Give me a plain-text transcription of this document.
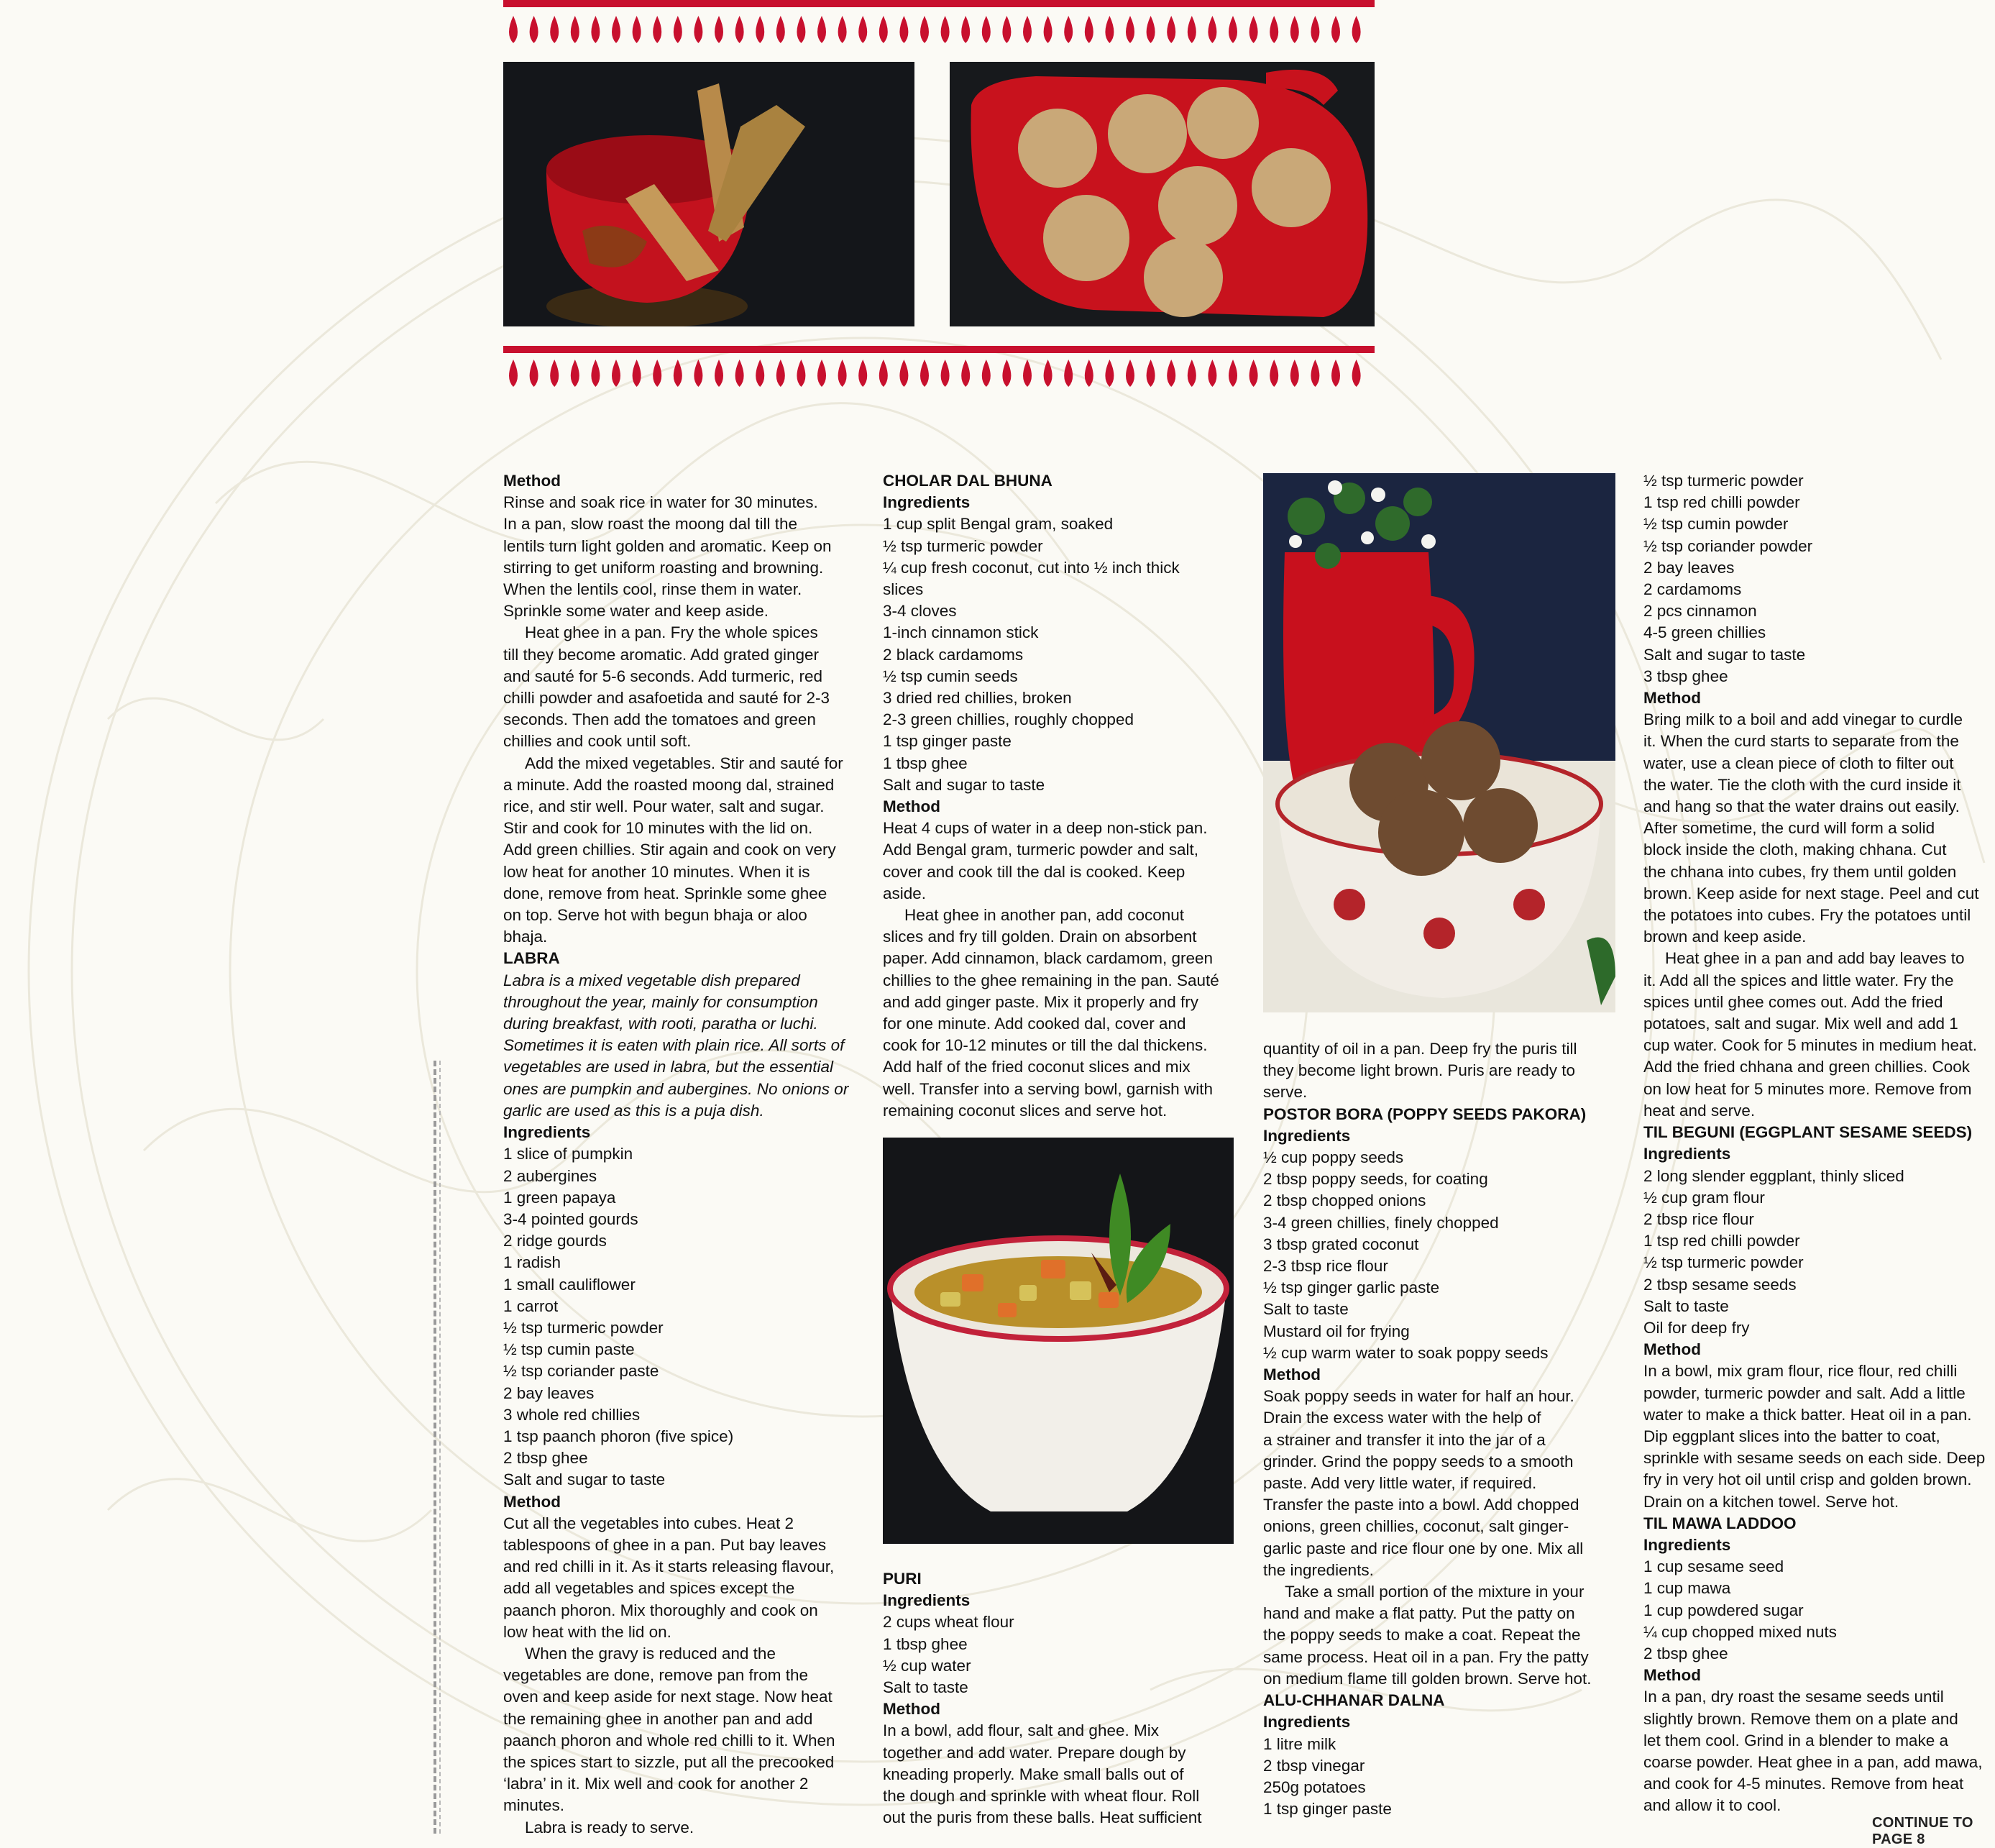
Method

Rinse and soak rice in water for 30 minutes.

In a pan, slow roast the moong dal till the

lentils turn light golden and aromatic. Keep on

stirring to get uniform roasting and browning.

When the lentils cool, rinse them in water.

Sprinkle some water and keep aside.

Heat ghee in a pan. Fry the whole spices

till they become aromatic. Add grated ginger

and sauté for 5-6 seconds. Add turmeric, red

chilli powder and asafoetida and sauté for 2-3

seconds. Then add the tomatoes and green

chillies and cook until soft.

Add the mixed vegetables. Stir and sauté for

a minute. Add the roasted moong dal, strained

rice, and stir well. Pour water, salt and sugar.

Stir and cook for 10 minutes with the lid on.

Add green chillies. Stir again and cook on very

low heat for another 10 minutes. When it is

done, remove from heat. Sprinkle some ghee

on top. Serve hot with begun bhaja or aloo

bhaja.

LABRA

Labra is a mixed vegetable dish prepared

throughout the year, mainly for consumption

during breakfast, with rooti, paratha or luchi.

Sometimes it is eaten with plain rice. All sorts of

vegetables are used in labra, but the essential

ones are pumpkin and aubergines. No onions or

garlic are used as this is a puja dish.

Ingredients

1 slice of pumpkin

2 aubergines

1 green papaya

3-4 pointed gourds

2 ridge gourds

1 radish

1 small cauliflower

1 carrot

½ tsp turmeric powder

½ tsp cumin paste

½ tsp coriander paste

2 bay leaves

3 whole red chillies

1 tsp paanch phoron (five spice)

2 tbsp ghee

Salt and sugar to taste

Method

Cut all the vegetables into cubes. Heat 2

tablespoons of ghee in a pan. Put bay leaves

and red chilli in it. As it starts releasing flavour,

add all vegetables and spices except the

paanch phoron. Mix thoroughly and cook on

low heat with the lid on.

When the gravy is reduced and the

vegetables are done, remove pan from the

oven and keep aside for next stage. Now heat

the remaining ghee in another pan and add

paanch phoron and whole red chilli to it. When

the spices start to sizzle, put all the precooked

‘labra’ in it. Mix well and cook for another 2

minutes.

Labra is ready to serve.

CHOLAR DAL BHUNA

Ingredients

1 cup split Bengal gram, soaked

½ tsp turmeric powder

¼ cup fresh coconut, cut into ½ inch thick

slices

3-4 cloves

1-inch cinnamon stick

2 black cardamoms

½ tsp cumin seeds

3 dried red chillies, broken

2-3 green chillies, roughly chopped

1 tsp ginger paste

1 tbsp ghee

Salt and sugar to taste

Method

Heat 4 cups of water in a deep non-stick pan.

Add Bengal gram, turmeric powder and salt,

cover and cook till the dal is cooked. Keep

aside.

Heat ghee in another pan, add coconut

slices and fry till golden. Drain on absorbent

paper. Add cinnamon, black cardamom, green

chillies to the ghee remaining in the pan. Sauté

and add ginger paste. Mix it properly and fry

for one minute. Add cooked dal, cover and

cook for 10-12 minutes or till the dal thickens.

Add half of the fried coconut slices and mix

well. Transfer into a serving bowl, garnish with

remaining coconut slices and serve hot.

PURI

Ingredients

2 cups wheat flour

1 tbsp ghee

½ cup water

Salt to taste

Method

In a bowl, add flour, salt and ghee. Mix

together and add water. Prepare dough by

kneading properly. Make small balls out of

the dough and sprinkle with wheat flour. Roll

out the puris from these balls. Heat sufficient

quantity of oil in a pan. Deep fry the puris till

they become light brown. Puris are ready to

serve.

POSTOR BORA (POPPY SEEDS PAKORA)

Ingredients

½ cup poppy seeds

2 tbsp poppy seeds, for coating

2 tbsp chopped onions

3-4 green chillies, finely chopped

3 tbsp grated coconut

2-3 tbsp rice flour

½ tsp ginger garlic paste

Salt to taste

Mustard oil for frying

½ cup warm water to soak poppy seeds

Method

Soak poppy seeds in water for half an hour.

Drain the excess water with the help of

a strainer and transfer it into the jar of a

grinder. Grind the poppy seeds to a smooth

paste. Add very little water, if required.

Transfer the paste into a bowl. Add chopped

onions, green chillies, coconut, salt ginger-

garlic paste and rice flour one by one. Mix all

the ingredients.

Take a small portion of the mixture in your

hand and make a flat patty. Put the patty on

the poppy seeds to make a coat. Repeat the

same process. Heat oil in a pan. Fry the patty

on medium flame till golden brown. Serve hot.

ALU-CHHANAR DALNA

Ingredients

1 litre milk

2 tbsp vinegar

250g potatoes

1 tsp ginger paste

½ tsp turmeric powder

1 tsp red chilli powder

½ tsp cumin powder

½ tsp coriander powder

2 bay leaves

2 cardamoms

2 pcs cinnamon

4-5 green chillies

Salt and sugar to taste

3 tbsp ghee

Method

Bring milk to a boil and add vinegar to curdle

it. When the curd starts to separate from the

water, use a clean piece of cloth to filter out

the water. Tie the cloth with the curd inside it

and hang so that the water drains out easily.

After sometime, the curd will form a solid

block inside the cloth, making chhana. Cut

the chhana into cubes, fry them until golden

brown. Keep aside for next stage. Peel and cut

the potatoes into cubes. Fry the potatoes until

brown and keep aside.

Heat ghee in a pan and add bay leaves to

it. Add all the spices and little water. Fry the

spices until ghee comes out. Add the fried

potatoes, salt and sugar. Mix well and add 1

cup water. Cook for 5 minutes in medium heat.

Add the fried chhana and green chillies. Cook

on low heat for 5 minutes more. Remove from

heat and serve.

TIL BEGUNI (EGGPLANT SESAME SEEDS)

Ingredients

2 long slender eggplant, thinly sliced

½ cup gram flour

2 tbsp rice flour

1 tsp red chilli powder

½ tsp turmeric powder

2 tbsp sesame seeds

Salt to taste

Oil for deep fry

Method

In a bowl, mix gram flour, rice flour, red chilli

powder, turmeric powder and salt. Add a little

water to make a thick batter. Heat oil in a pan.

Dip eggplant slices into the batter to coat,

sprinkle with sesame seeds on each side. Deep

fry in very hot oil until crisp and golden brown.

Drain on a kitchen towel. Serve hot.

TIL MAWA LADDOO

Ingredients

1 cup sesame seed

1 cup mawa

1 cup powdered sugar

¼ cup chopped mixed nuts

2 tbsp ghee

Method

In a pan, dry roast the sesame seeds until

slightly brown. Remove them on a plate and

let them cool. Grind in a blender to make a

coarse powder. Heat ghee in a pan, add mawa,

and cook for 4-5 minutes. Remove from heat

and allow it to cool.

CONTINUE TO PAGE 8
